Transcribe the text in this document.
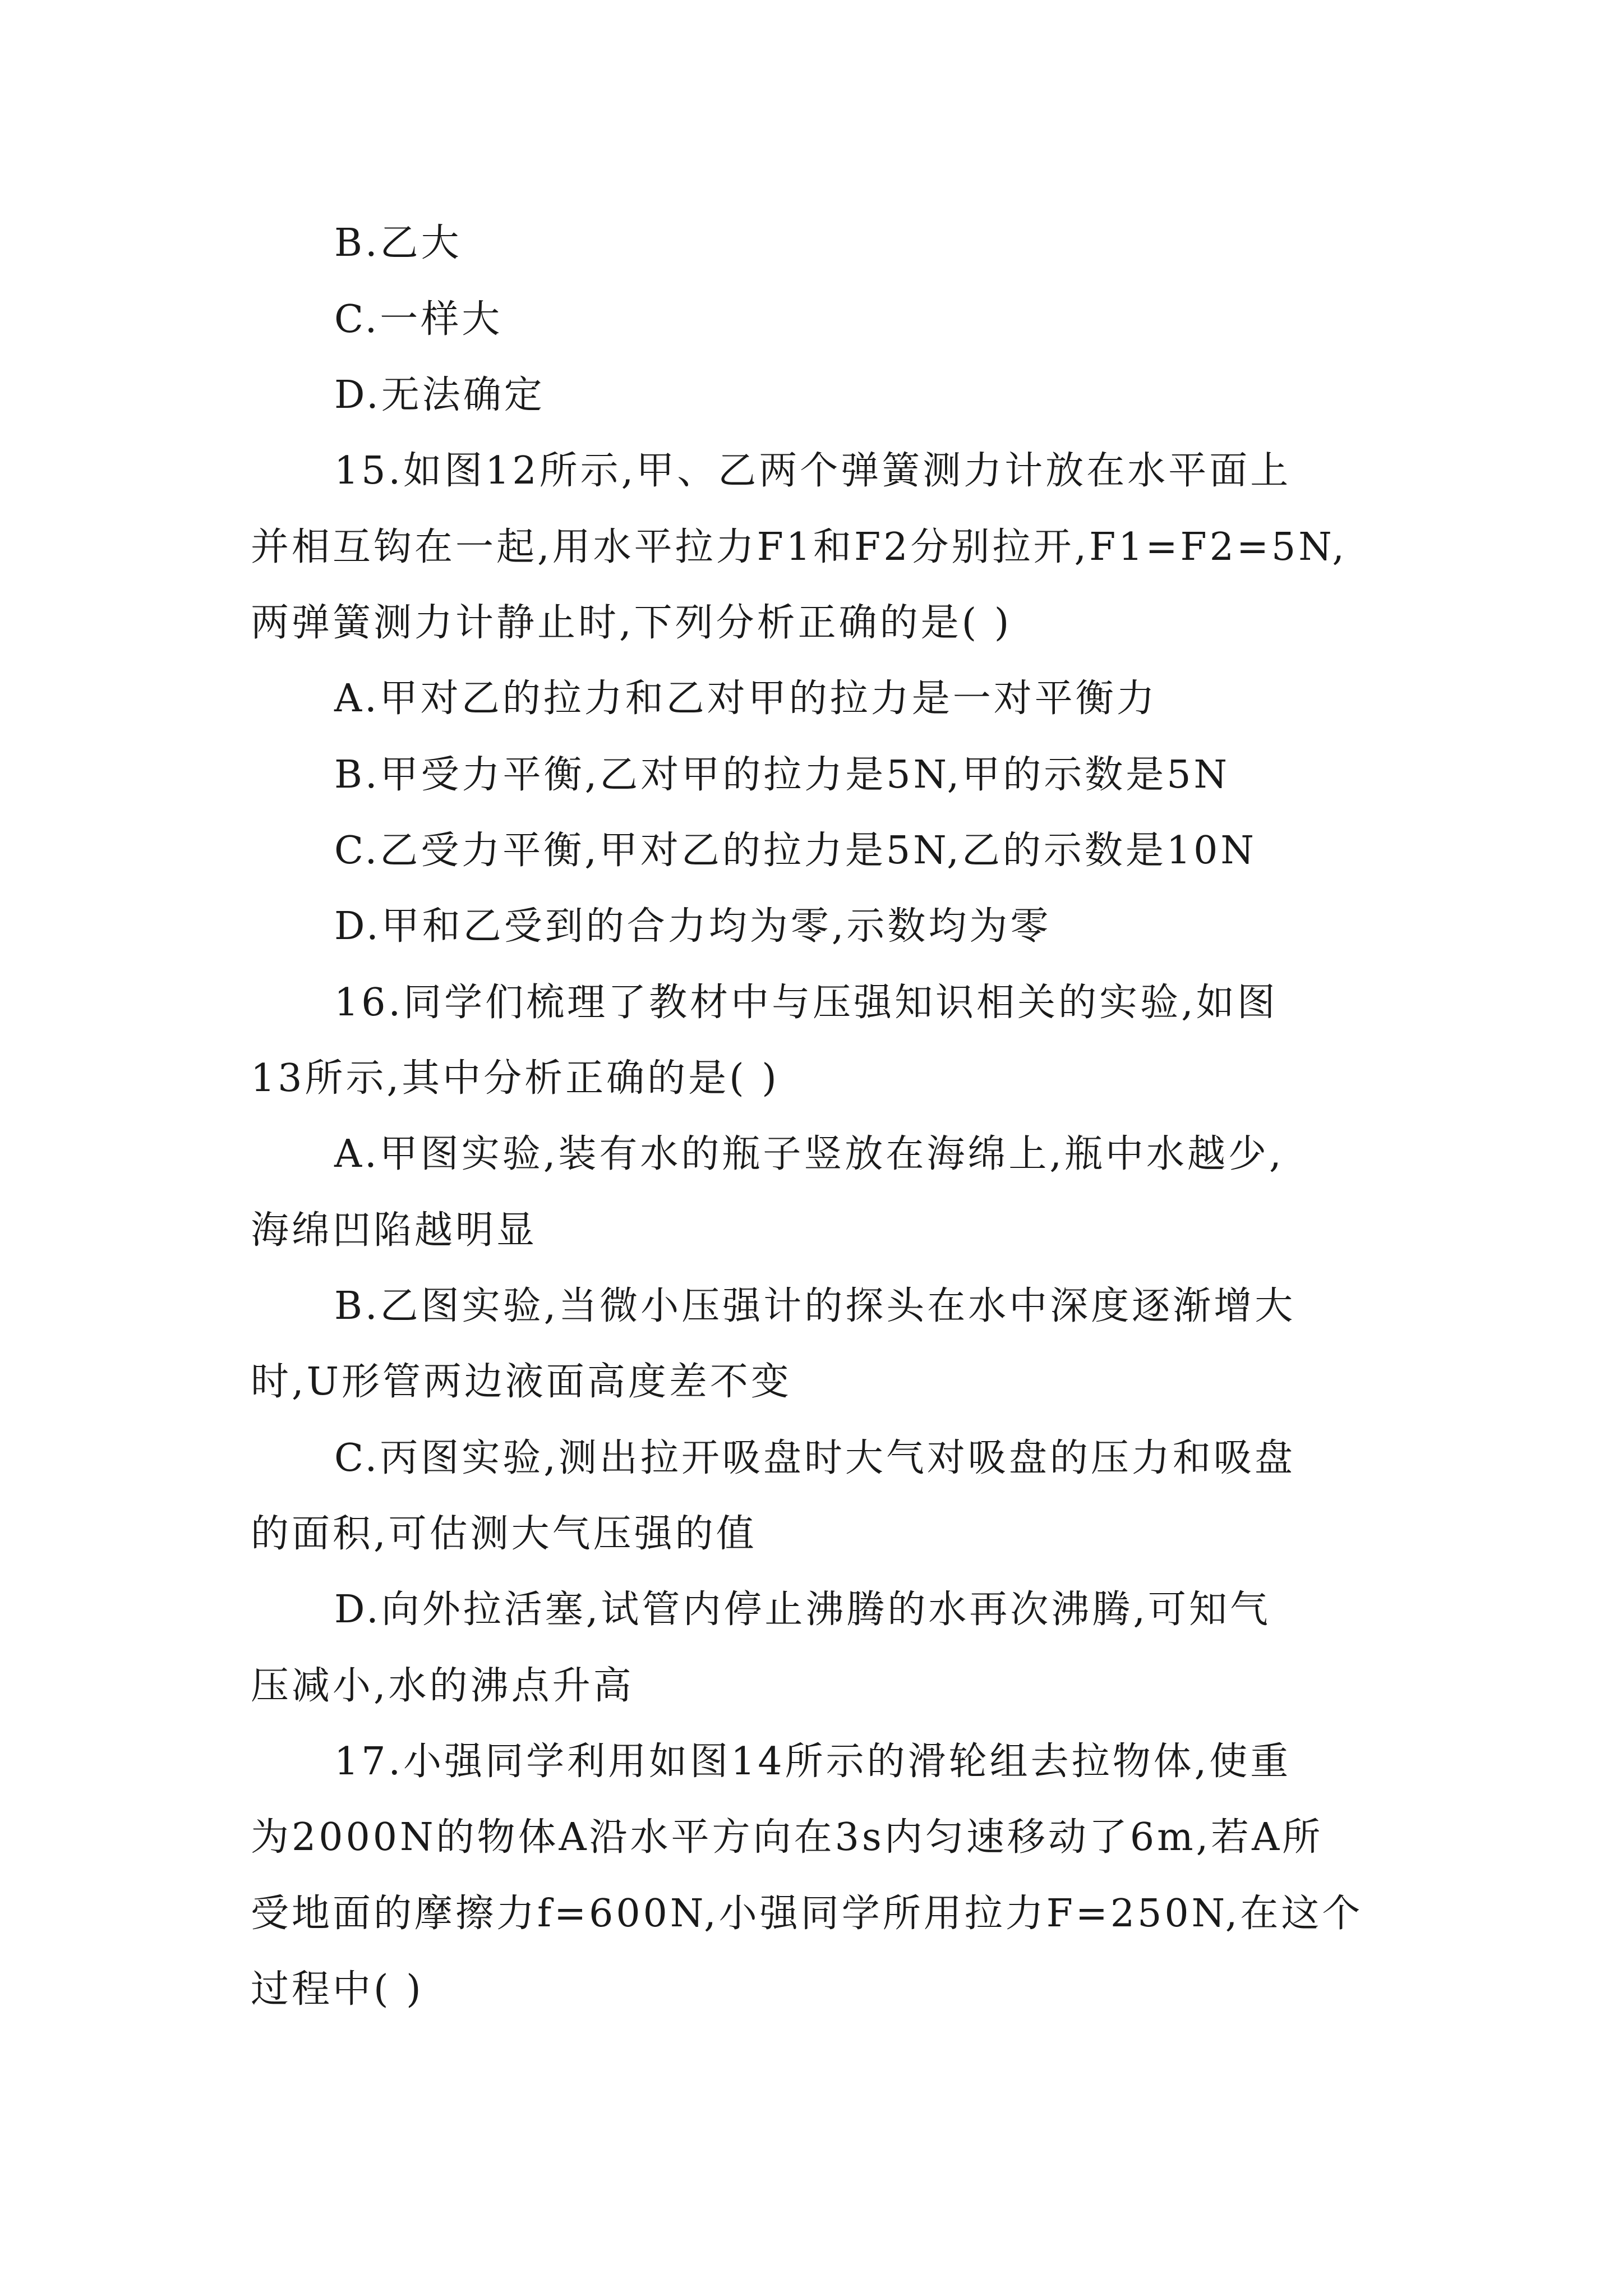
B.乙大

C.一样大

D.无法确定

15.如图12所示,甲、乙两个弹簧测力计放在水平面上

并相互钩在一起,用水平拉力F1和F2分别拉开,F1=F2=5N,

两弹簧测力计静止时,下列分析正确的是( )

A.甲对乙的拉力和乙对甲的拉力是一对平衡力

B.甲受力平衡,乙对甲的拉力是5N,甲的示数是5N

C.乙受力平衡,甲对乙的拉力是5N,乙的示数是10N

D.甲和乙受到的合力均为零,示数均为零

16.同学们梳理了教材中与压强知识相关的实验,如图

13所示,其中分析正确的是( )

A.甲图实验,装有水的瓶子竖放在海绵上,瓶中水越少,

海绵凹陷越明显

B.乙图实验,当微小压强计的探头在水中深度逐渐增大

时,U形管两边液面高度差不变

C.丙图实验,测出拉开吸盘时大气对吸盘的压力和吸盘

的面积,可估测大气压强的值

D.向外拉活塞,试管内停止沸腾的水再次沸腾,可知气

压减小,水的沸点升高

17.小强同学利用如图14所示的滑轮组去拉物体,使重

为2000N的物体A沿水平方向在3s内匀速移动了6m,若A所

受地面的摩擦力f=600N,小强同学所用拉力F=250N,在这个

过程中( )
